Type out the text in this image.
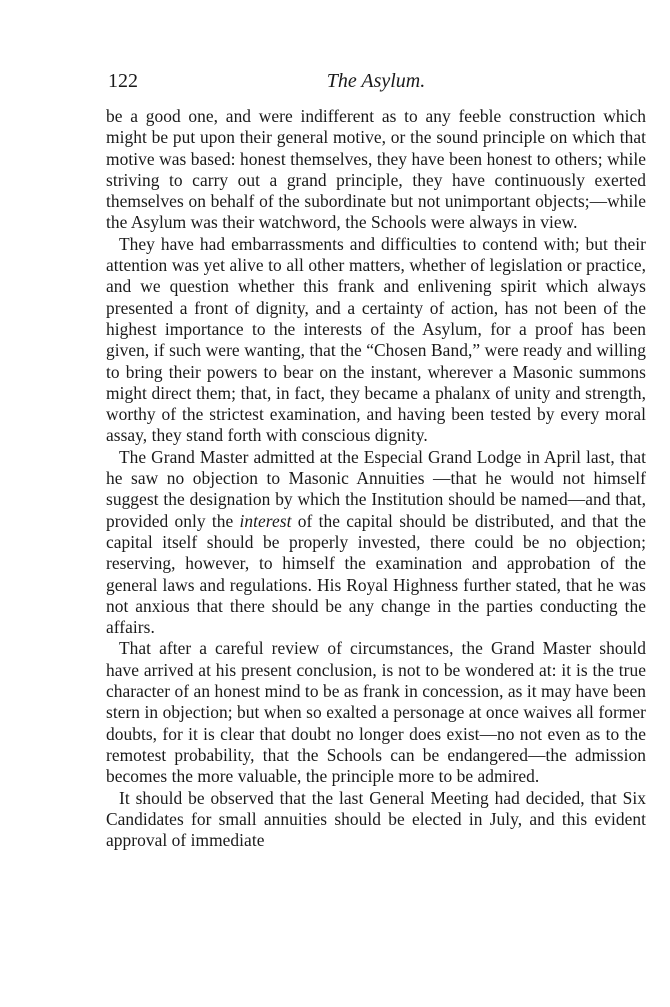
122	The Asylum.

be a good one, and were indifferent as to any feeble construction which might be put upon their general motive, or the sound principle on which that motive was based: honest themselves, they have been honest to others; while striving to carry out a grand principle, they have continuously exerted themselves on behalf of the subordinate but not unimportant objects;—while the Asylum was their watchword, the Schools were always in view.

They have had embarrassments and difficulties to contend with; but their attention was yet alive to all other matters, whether of legislation or practice, and we question whether this frank and enlivening spirit which always presented a front of dignity, and a certainty of action, has not been of the highest importance to the interests of the Asylum, for a proof has been given, if such were wanting, that the “Chosen Band,” were ready and willing to bring their powers to bear on the instant, wherever a Masonic summons might direct them; that, in fact, they became a phalanx of unity and strength, worthy of the strictest examination, and having been tested by every moral assay, they stand forth with conscious dignity.

The Grand Master admitted at the Especial Grand Lodge in April last, that he saw no objection to Masonic Annuities —that he would not himself suggest the designation by which the Institution should be named—and that, provided only the interest of the capital should be distributed, and that the capital itself should be properly invested, there could be no objection; reserving, however, to himself the examination and approbation of the general laws and regulations. His Royal Highness further stated, that he was not anxious that there should be any change in the parties conducting the affairs.

That after a careful review of circumstances, the Grand Master should have arrived at his present conclusion, is not to be wondered at: it is the true character of an honest mind to be as frank in concession, as it may have been stern in objection; but when so exalted a personage at once waives all former doubts, for it is clear that doubt no longer does exist—no not even as to the remotest probability, that the Schools can be endangered—the admission becomes the more valuable, the principle more to be admired.

It should be observed that the last General Meeting had decided, that Six Candidates for small annuities should be elected in July, and this evident approval of immediate
